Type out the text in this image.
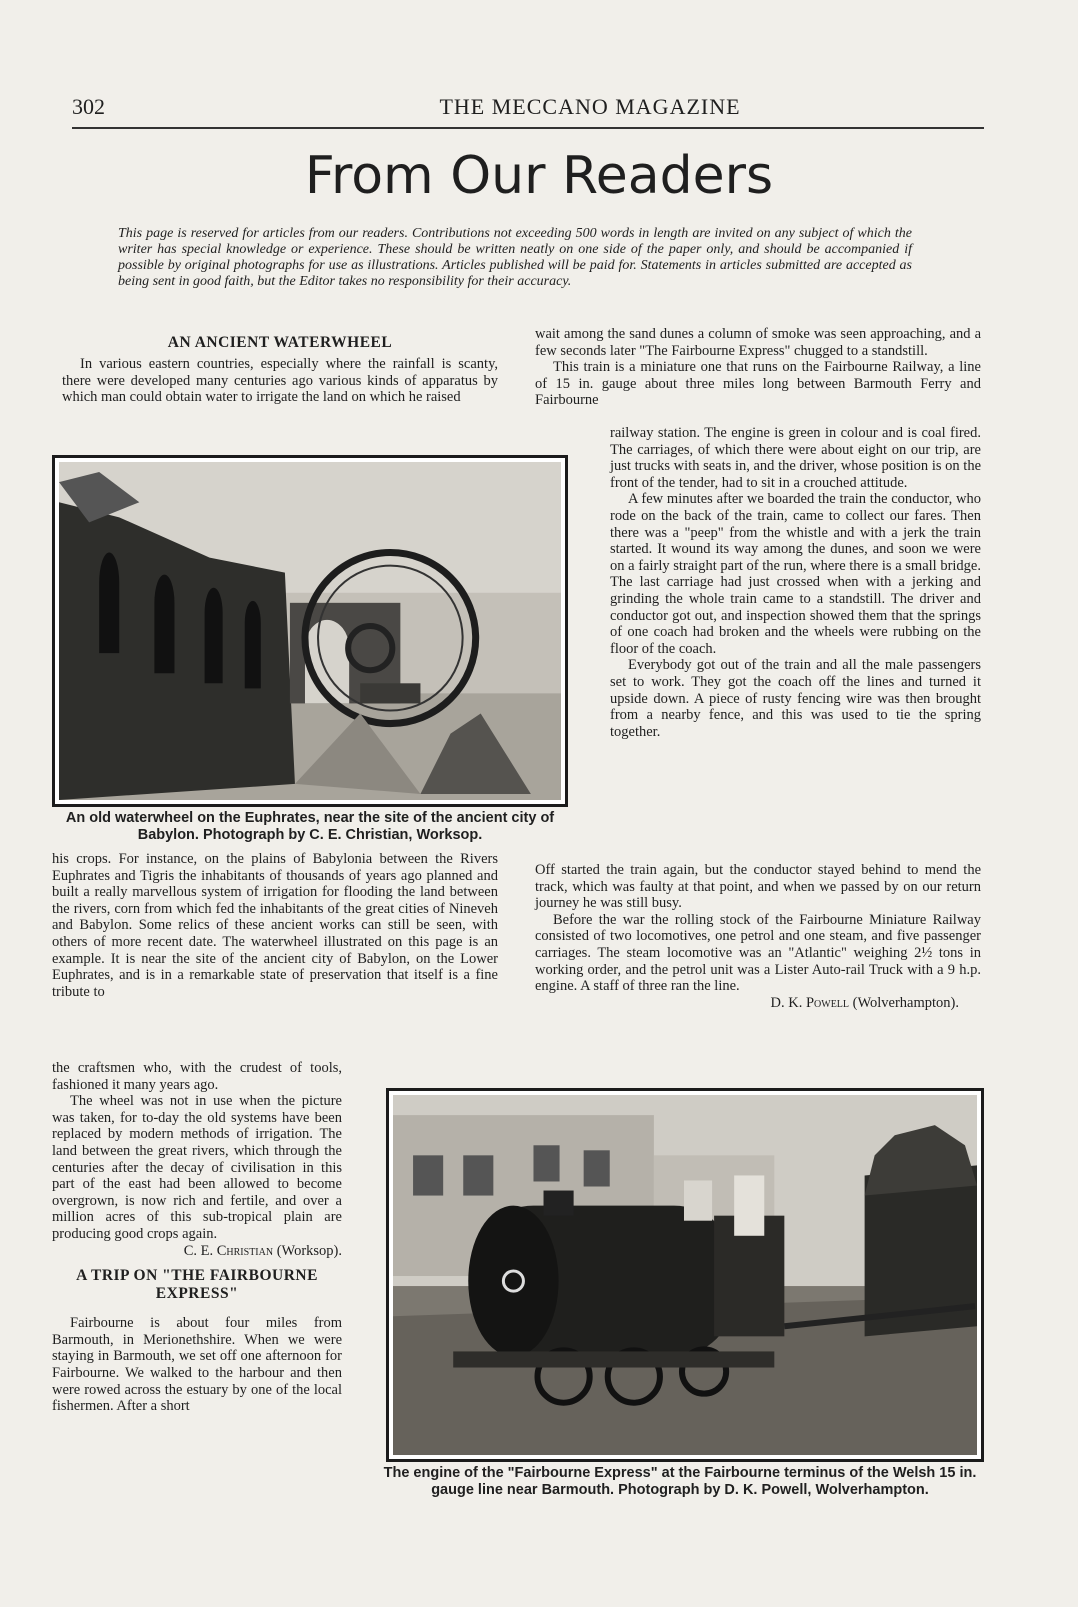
302	THE MECCANO MAGAZINE
From Our Readers
This page is reserved for articles from our readers. Contributions not exceeding 500 words in length are invited on any subject of which the writer has special knowledge or experience. These should be written neatly on one side of the paper only, and should be accompanied if possible by original photographs for use as illustrations. Articles published will be paid for. Statements in articles submitted are accepted as being sent in good faith, but the Editor takes no responsibility for their accuracy.
AN ANCIENT WATERWHEEL

In various eastern countries, especially where the rainfall is scanty, there were developed many centuries ago various kinds of apparatus by which man could obtain water to irrigate the land on which he raised

An old waterwheel on the Euphrates, near the site of the ancient city of Babylon. Photograph by C. E. Christian, Worksop.

his crops. For instance, on the plains of Babylonia between the Rivers Euphrates and Tigris the inhabitants of thousands of years ago planned and built a really marvellous system of irrigation for flooding the land between the rivers, corn from which fed the inhabitants of the great cities of Nineveh and Babylon. Some relics of these ancient works can still be seen, with others of more recent date. The waterwheel illustrated on this page is an example. It is near the site of the ancient city of Babylon, on the Lower Euphrates, and is in a remarkable state of preservation that itself is a fine tribute to

the craftsmen who, with the crudest of tools, fashioned it many years ago.

The wheel was not in use when the picture was taken, for to-day the old systems have been replaced by modern methods of irrigation. The land between the great rivers, which through the centuries after the decay of civilisation in this part of the east had been allowed to become overgrown, is now rich and fertile, and over a million acres of this sub-tropical plain are producing good crops again.

C. E. Christian (Worksop).

A TRIP ON "THE FAIRBOURNE EXPRESS"

Fairbourne is about four miles from Barmouth, in Merionethshire. When we were staying in Barmouth, we set off one afternoon for Fairbourne. We walked to the harbour and then were rowed across the estuary by one of the local fishermen. After a short

wait among the sand dunes a column of smoke was seen approaching, and a few seconds later "The Fairbourne Express" chugged to a standstill.

This train is a miniature one that runs on the Fairbourne Railway, a line of 15 in. gauge about three miles long between Barmouth Ferry and Fairbourne

railway station. The engine is green in colour and is coal fired. The carriages, of which there were about eight on our trip, are just trucks with seats in, and the driver, whose position is on the front of the tender, had to sit in a crouched attitude.

A few minutes after we boarded the train the conductor, who rode on the back of the train, came to collect our fares. Then there was a "peep" from the whistle and with a jerk the train started. It wound its way among the dunes, and soon we were on a fairly straight part of the run, where there is a small bridge. The last carriage had just crossed when with a jerking and grinding the whole train came to a standstill. The driver and conductor got out, and inspection showed them that the springs of one coach had broken and the wheels were rubbing on the floor of the coach.

Everybody got out of the train and all the male passengers set to work. They got the coach off the lines and turned it upside down. A piece of rusty fencing wire was then brought from a nearby fence, and this was used to tie the spring together.

Off started the train again, but the conductor stayed behind to mend the track, which was faulty at that point, and when we passed by on our return journey he was still busy.

Before the war the rolling stock of the Fairbourne Miniature Railway consisted of two locomotives, one petrol and one steam, and five passenger carriages. The steam locomotive was an "Atlantic" weighing 2½ tons in working order, and the petrol unit was a Lister Auto-rail Truck with a 9 h.p. engine. A staff of three ran the line.

D. K. Powell (Wolverhampton).

The engine of the "Fairbourne Express" at the Fairbourne terminus of the Welsh 15 in. gauge line near Barmouth. Photograph by D. K. Powell, Wolverhampton.
